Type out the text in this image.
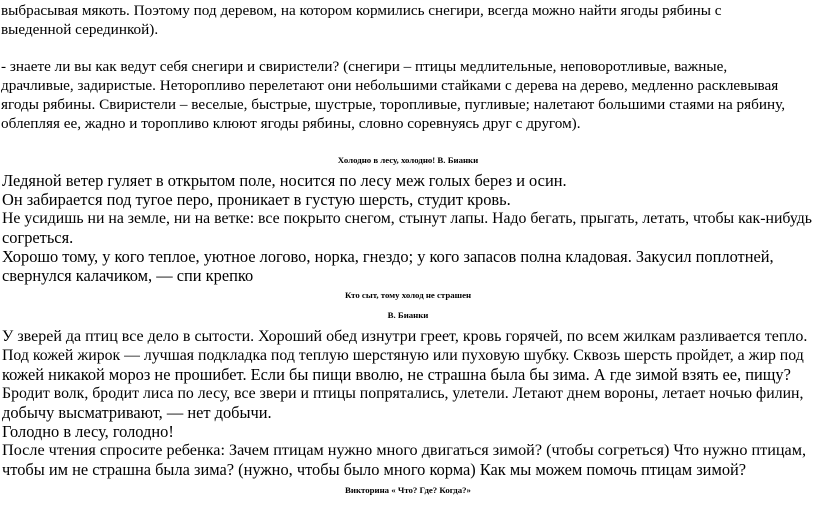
выбрасывая мякоть. Поэтому под деревом, на котором кормились снегири, всегда можно найти ягоды рябины с
выеденной серединкой).
- знаете ли вы как ведут себя снегири и свиристели? (снегири – птицы медлительные, неповоротливые, важные,
драчливые, задиристые. Неторопливо перелетают они небольшими стайками с дерева на дерево, медленно расклевывая
ягоды рябины. Свиристели – веселые, быстрые, шустрые, торопливые, пугливые; налетают большими стаями на рябину,
облепляя ее, жадно и торопливо клюют ягоды рябины, словно соревнуясь друг с другом).
Холодно в лесу, холодно! В. Бианки
Ледяной ветер гуляет в открытом поле, носится по лесу меж голых берез и осин.
Он забирается под тугое перо, проникает в густую шерсть, студит кровь.
Не усидишь ни на земле, ни на ветке: все покрыто снегом, стынут лапы. Надо бегать, прыгать, летать, чтобы как-нибудь
согреться.
Хорошо тому, у кого теплое, уютное логово, норка, гнездо; у кого запасов полна кладовая. Закусил поплотней,
свернулся калачиком, — спи крепко
Кто сыт, тому холод не страшен
В. Бианки
У зверей да птиц все дело в сытости. Хороший обед изнутри греет, кровь горячей, по всем жилкам разливается тепло.
Под кожей жирок — лучшая подкладка под теплую шерстяную или пуховую шубку. Сквозь шерсть пройдет, а жир под
кожей никакой мороз не прошибет. Если бы пищи вволю, не страшна была бы зима. А где зимой взять ее, пищу?
Бродит волк, бродит лиса по лесу, все звери и птицы попрятались, улетели. Летают днем вороны, летает ночью филин,
добычу высматривают, — нет добычи.
Голодно в лесу, голодно!
После чтения спросите ребенка: Зачем птицам нужно много двигаться зимой? (чтобы согреться) Что нужно птицам,
чтобы им не страшна была зима? (нужно, чтобы было много корма) Как мы можем помочь птицам зимой?
Викторина « Что? Где? Когда?»
